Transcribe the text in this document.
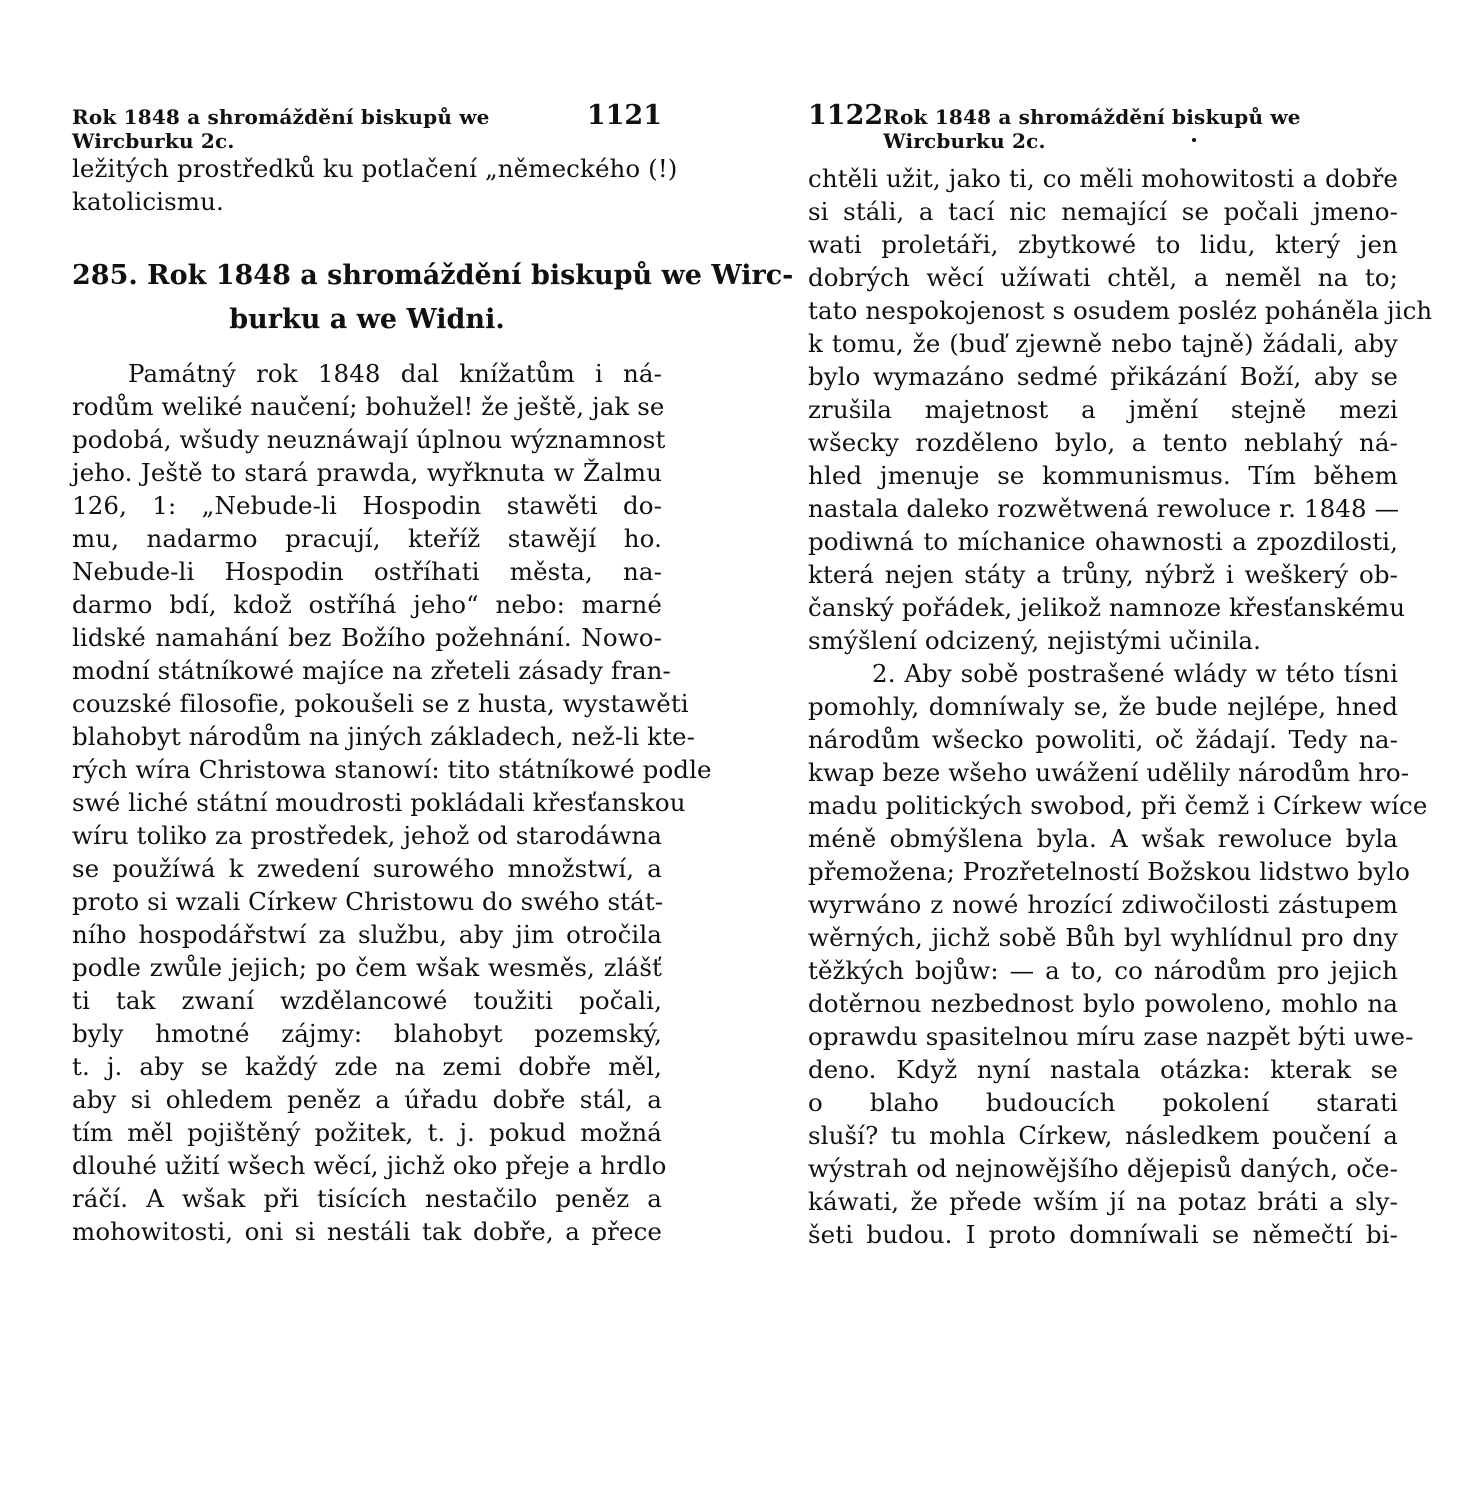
Rok 1848 a shromáždění biskupů we Wircburku 2c.
1121
ležitých prostředků ku potlačení „německého (!)
katolicismu.
285. Rok 1848 a shromáždění biskupů we Wirc-
burku a we Widni.
Památný rok 1848 dal knížatům i ná-
rodům weliké naučení; bohužel! že ještě, jak se
podobá, wšudy neuznáwají úplnou wýznamnost
jeho. Ještě to stará prawda, wyřknuta w Žalmu
126, 1: „Nebude-li Hospodin stawěti do-
mu, nadarmo pracují, kteříž stawějí ho.
Nebude-li Hospodin ostříhati města, na-
darmo bdí, kdož ostříhá jeho“ nebo: marné
lidské namahání bez Božího požehnání. Nowo-
modní státníkowé majíce na zřeteli zásady fran-
couzské filosofie, pokoušeli se z husta, wystawěti
blahobyt národům na jiných základech, než-li kte-
rých wíra Christowa stanowí: tito státníkowé podle
swé liché státní moudrosti pokládali křesťanskou
wíru toliko za prostředek, jehož od starodáwna
se použíwá k zwedení surowého množstwí, a
proto si wzali Církew Christowu do swého stát-
ního hospodářstwí za službu, aby jim otročila
podle zwůle jejich; po čem wšak wesměs, zlášť
ti tak zwaní wzdělancowé toužiti počali,
byly hmotné zájmy: blahobyt pozemský,
t. j. aby se každý zde na zemi dobře měl,
aby si ohledem peněz a úřadu dobře stál, a
tím měl pojištěný požitek, t. j. pokud možná
dlouhé užití wšech wěcí, jichž oko přeje a hrdlo
ráčí. A wšak při tisících nestačilo peněz a
mohowitosti, oni si nestáli tak dobře, a přece
1122 Rok 1848 a shromáždění biskupů we Wircburku 2c.
chtěli užit, jako ti, co měli mohowitosti a dobře
si stáli, a tací nic nemající se počali jmeno-
wati proletáři, zbytkowé to lidu, který jen
dobrých wěcí užíwati chtěl, a neměl na to;
tato nespokojenost s osudem posléz poháněla jich
k tomu, že (buď zjewně nebo tajně) žádali, aby
bylo wymazáno sedmé přikázání Boží, aby se
zrušila majetnost a jmění stejně mezi
wšecky rozděleno bylo, a tento neblahý ná-
hled jmenuje se kommunismus. Tím během
nastala daleko rozwětwená rewoluce r. 1848 —
podiwná to míchanice ohawnosti a zpozdilosti,
která nejen státy a trůny, nýbrž i weškerý ob-
čanský pořádek, jelikož namnoze křesťanskému
smýšlení odcizený, nejistými učinila.
2. Aby sobě postrašené wlády w této tísni
pomohly, domníwaly se, že bude nejlépe, hned
národům wšecko powoliti, oč žádají. Tedy na-
kwap beze wšeho uwážení udělily národům hro-
madu politických swobod, při čemž i Církew wíce
méně obmýšlena byla. A wšak rewoluce byla
přemožena; Prozřetelností Božskou lidstwo bylo
wyrwáno z nowé hrozící zdiwočilosti zástupem
wěrných, jichž sobě Bůh byl wyhlídnul pro dny
těžkých bojůw: — a to, co národům pro jejich
dotěrnou nezbednost bylo powoleno, mohlo na
oprawdu spasitelnou míru zase nazpět býti uwe-
deno. Když nyní nastala otázka: kterak se
o blaho budoucích pokolení starati
sluší? tu mohla Církew, následkem poučení a
wýstrah od nejnowějšího dějepisů daných, oče-
káwati, že přede wším jí na potaz bráti a sly-
šeti budou. I proto domníwali se němečtí bi-
